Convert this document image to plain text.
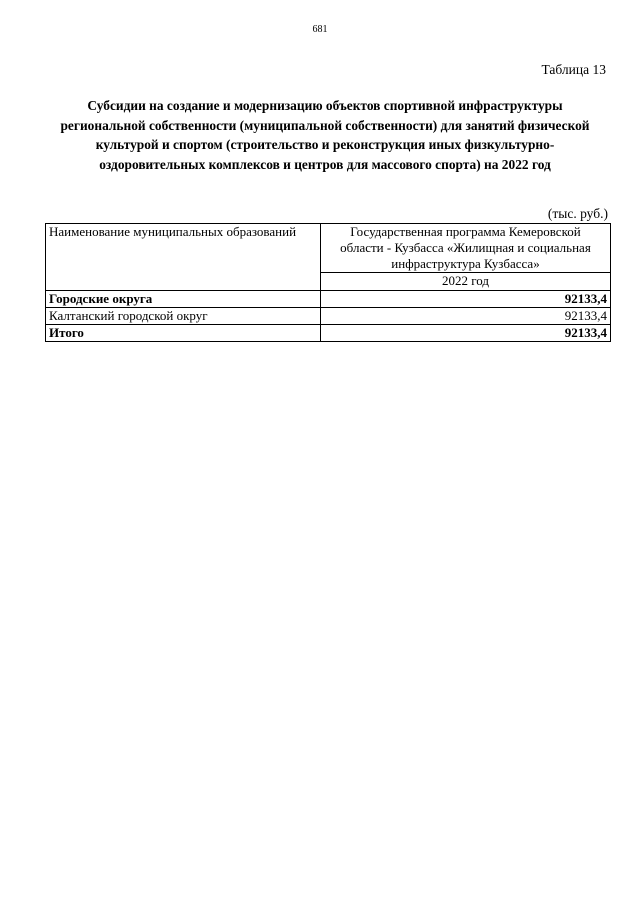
681
Таблица 13
Субсидии на создание и модернизацию объектов спортивной инфраструктуры
региональной собственности (муниципальной собственности) для занятий физической
культурой и спортом (строительство и реконструкция иных физкультурно-
оздоровительных комплексов и центров для массового спорта) на 2022 год
(тыс. руб.)
Наименование муниципальных образований	Государственная программа Кемеровской
области - Кузбасса «Жилищная и социальная
инфраструктура Кузбасса»

	2022 год
Городские округа	92133,4
Калтанский городской округ	92133,4
Итого	92133,4
